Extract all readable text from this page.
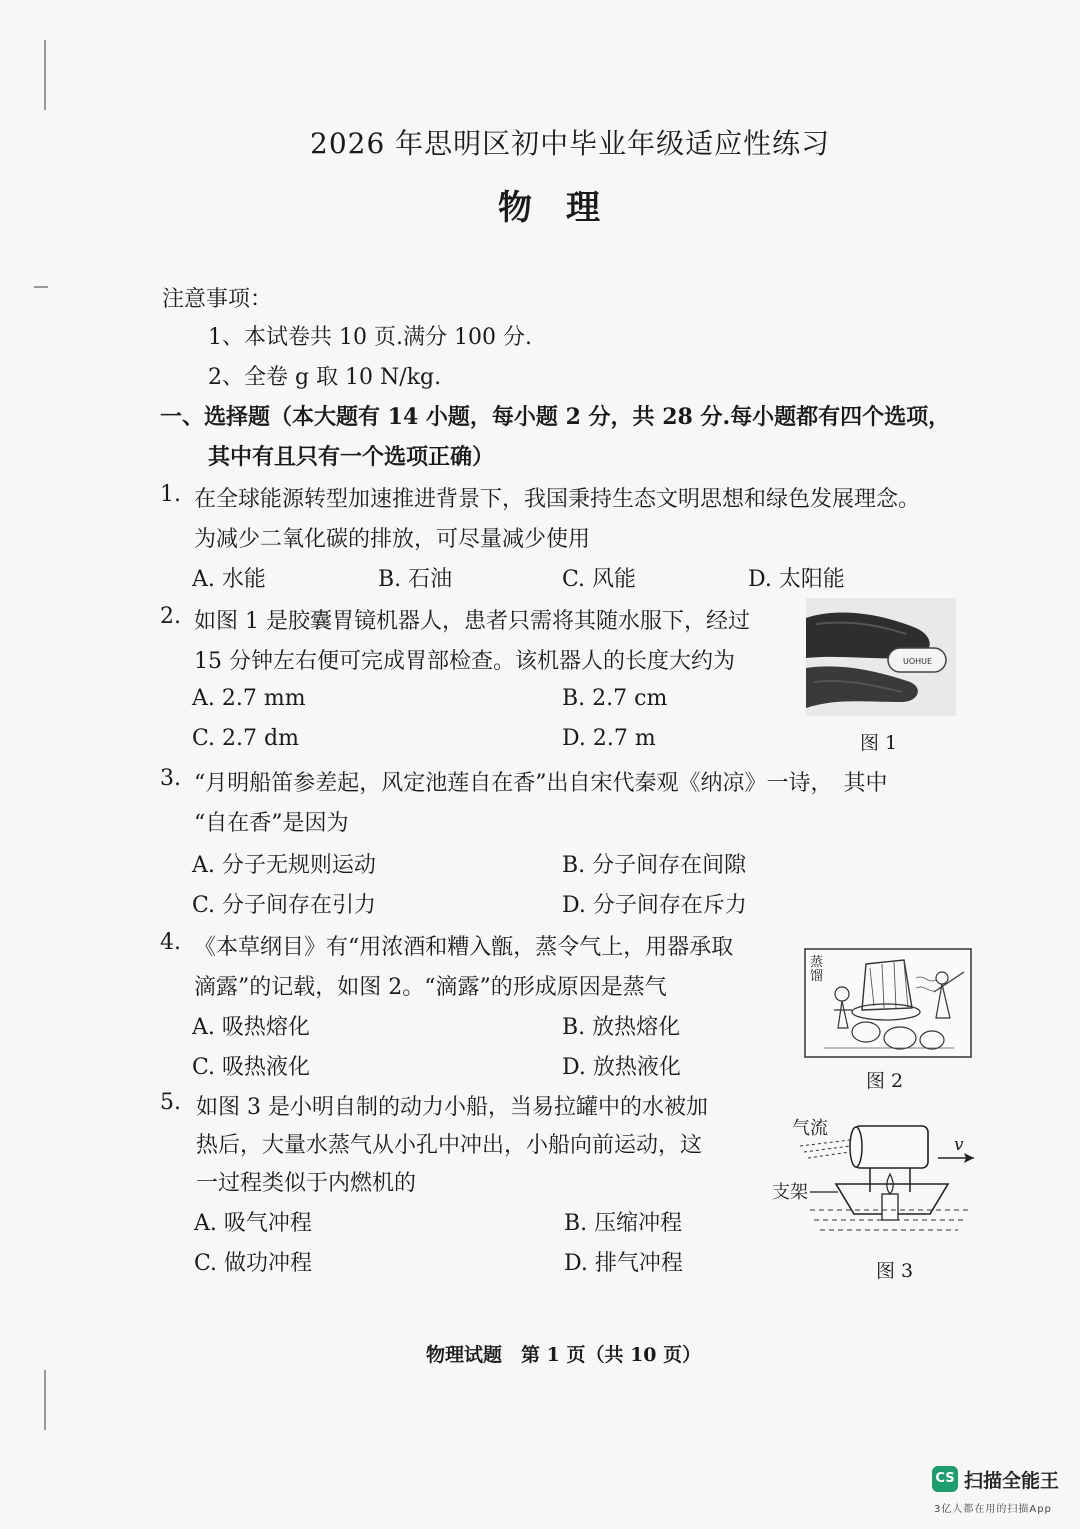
2026 年思明区初中毕业年级适应性练习
物　理
注意事项：
1、本试卷共 10 页.满分 100 分.
2、全卷 g 取 10 N/kg.
一、选择题（本大题有 14 小题，每小题 2 分，共 28 分.每小题都有四个选项，
其中有且只有一个选项正确）
1. 在全球能源转型加速推进背景下，我国秉持生态文明思想和绿色发展理念。
为减少二氧化碳的排放，可尽量减少使用
A. 水能	B. 石油	C. 风能	D. 太阳能
2. 如图 1 是胶囊胃镜机器人，患者只需将其随水服下，经过
15 分钟左右便可完成胃部检查。该机器人的长度大约为
A. 2.7 mm	B. 2.7 cm
C. 2.7 dm	D. 2.7 m
UOHUE
图 1
3. “月明船笛参差起，风定池莲自在香”出自宋代秦观《纳凉》一诗，　其中
“自在香”是因为
A. 分子无规则运动	B. 分子间存在间隙
C. 分子间存在引力	D. 分子间存在斥力
4. 《本草纲目》有“用浓酒和糟入甑，蒸令气上，用器承取
滴露”的记载，如图 2。“滴露”的形成原因是蒸气
A. 吸热熔化	B. 放热熔化
C. 吸热液化	D. 放热液化
蒸
馏
图 2
5. 如图 3 是小明自制的动力小船，当易拉罐中的水被加
热后，大量水蒸气从小孔中冲出，小船向前运动，这
一过程类似于内燃机的
A. 吸气冲程	B. 压缩冲程
C. 做功冲程	D. 排气冲程
气流
v
支架
图 3
物理试题　第 1 页（共 10 页）
CS 扫描全能王
3亿人都在用的扫描App
